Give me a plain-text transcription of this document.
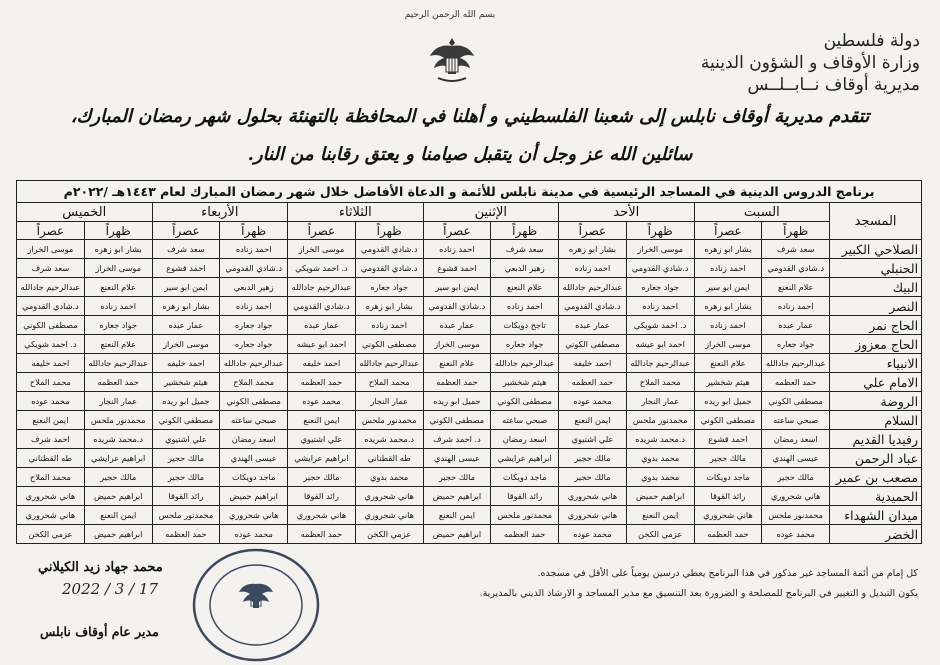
بسم الله الرحمن الرحيم
دولة فلسطين
وزارة الأوقاف و الشؤون الدينية
مديرية أوقاف نــابــلــس
تتقدم مديرية أوقاف نابلس إلى شعبنا الفلسطيني و أهلنا في المحافظة بالتهنئة بحلول شهر رمضان المبارك،
سائلين الله عز وجل أن يتقبل صيامنا و يعتق رقابنا من النار.
برنامج الدروس الدينية في المساجد الرئيسية في مدينة نابلس للأئمة و الدعاة الأفاضل خلال شهر رمضان المبارك لعام ١٤٤٣هـ /٢٠٢٢م												
المسجد	السبت		الأحد		الإثنين		الثلاثاء		الأربعاء		الخميس	
	ظهراً	عصراً	ظهراً	عصراً	ظهراً	عصراً	ظهراً	عصراً	ظهراً	عصراً	ظهراً	عصراً
الصلاحي الكبير	سعد شرف	بشار ابو زهره	موسى الخراز	بشار ابو زهره	سعد شرف	احمد زناده	د.شادي القدومي	موسى الخراز	احمد زناده	سعد شرف	بشار ابو زهره	موسى الخراز
الحنبلي	د.شادي القدومي	احمد زناده	د.شادي القدومي	احمد زناده	زهير الدبعي	احمد قشوع	د.شادي القدومي	د. احمد شويكي	د.شادي القدومي	احمد قشوع	موسى الخراز	سعد شرف
البيك	علام النعنع	ايمن ابو سير	جواد جعاره	عبدالرحيم جادالله	علام النعنع	ايمن ابو سير	جواد جعاره	عبدالرحيم جادالله	زهير الدبعي	ايمن ابو سير	علام النعنع	عبدالرحيم جادالله
النصر	احمد زناده	بشار ابو زهره	احمد زناده	د.شادي القدومي	احمد زناده	د.شادي القدومي	بشار ابو زهره	د.شادي القدومي	احمد زناده	بشار ابو زهره	احمد زناده	د.شادي القدومي
الحاج نمر	عمار عبده	احمد زناده	د. احمد شويكي	عمار عبده	تاجح دويكات	عمار عبده	احمد زناده	عمار عبده	جواد جعاره	عمار عبده	جواد جعاره	مصطفى الكوني
الحاج معزوز	جواد جعاره	موسى الخراز	احمد ابو عيشه	مصطفى الكوني	جواد جعاره	موسى الخراز	مصطفى الكوني	احمد ابو عيشه	جواد جعاره	موسى الخراز	علام النعنع	د. احمد شويكي
الانبياء	عبدالرحيم جادالله	علام النعنع	عبدالرحيم جادالله	احمد خليفه	عبدالرحيم جادالله	علام النعنع	عبدالرحيم جادالله	احمد خليفه	عبدالرحيم جادالله	احمد خليفه	عبدالرحيم جادالله	احمد خليفه
الامام علي	حمد العظمه	هيثم شخشير	محمد الملاح	حمد العظمه	هيثم شخشير	حمد العظمه	محمد الملاح	حمد العظمه	محمد الملاح	هيثم شخشير	حمد العظمه	محمد الملاح
الروضة	مصطفى الكوني	جميل ابو ريده	عمار النجار	محمد عوده	مصطفى الكوني	جميل ابو ريده	عمار النجار	محمد عوده	مصطفى الكوني	جميل ابو ريده	عمار النجار	محمد عوده
السلام	صبحي ساعته	مصطفى الكوني	محمدنور ملحس	ايمن النعنع	صبحي ساعته	مصطفى الكوني	محمدنور ملحس	ايمن النعنع	صبحي ساعته	مصطفى الكوني	محمدنور ملحس	ايمن النعنع
رفيديا القديم	اسعد رمضان	احمد قشوع	د.محمد شريده	علي اشتيوي	اسعد رمضان	د. احمد شرف	د.محمد شريده	علي اشتيوي	اسعد رمضان	علي اشتيوي	د.محمد شريده	احمد شرف
عباد الرحمن	عيسى الهندي	مالك حجير	محمد بدوي	مالك حجير	ابراهيم عرايشي	عيسى الهندي	طه القطناني	ابراهيم عرايشي	عيسى الهندي	مالك حجير	ابراهيم عرايشي	طه القطناني
مصعب بن عمير	مالك حجير	ماجد دويكات	محمد بدوي	مالك حجير	ماجد دويكات	مالك حجير	محمد بدوي	مالك حجير	ماجد دويكات	مالك حجير	مالك حجير	محمد الملاح
الحميدية	هاني شحروري	رائد القوقا	ابراهيم حميض	هاني شحروري	رائد القوقا	ابراهيم حميض	هاني شحروري	رائد القوقا	ابراهيم حميض	رائد القوقا	ابراهيم حميض	هاني شحروري
ميدان الشهداء	محمدنور ملحس	هاني شحروري	ايمن النعنع	هاني شحروري	محمدنور ملحس	ايمن النعنع	هاني شحروري	هاني شحروري	هاني شحروري	محمدنور ملحس	ايمن النعنع	هاني شحروري
الخضر	محمد عوده	حمد العظمه	عزمي الكخن	محمد عوده	حمد العظمه	ابراهيم حميض	عزمي الكخن	حمد العظمه	محمد عوده	حمد العظمه	ابراهيم حميض	عزمي الكخن
كل إمام من أئمة المساجد غير مذكور في هذا البرنامج يعطي درسين يومياً على الأقل في مسجده.
يكون التبديل و التغيير في البرنامج للمصلحة و الضرورة بعد التنسيق مع مدير المساجد و الارشاد الديني بالمديرية.
محمد جهاد زيد الكيلاني
2022 / 3 / 17
مدير عام أوقاف نابلس
